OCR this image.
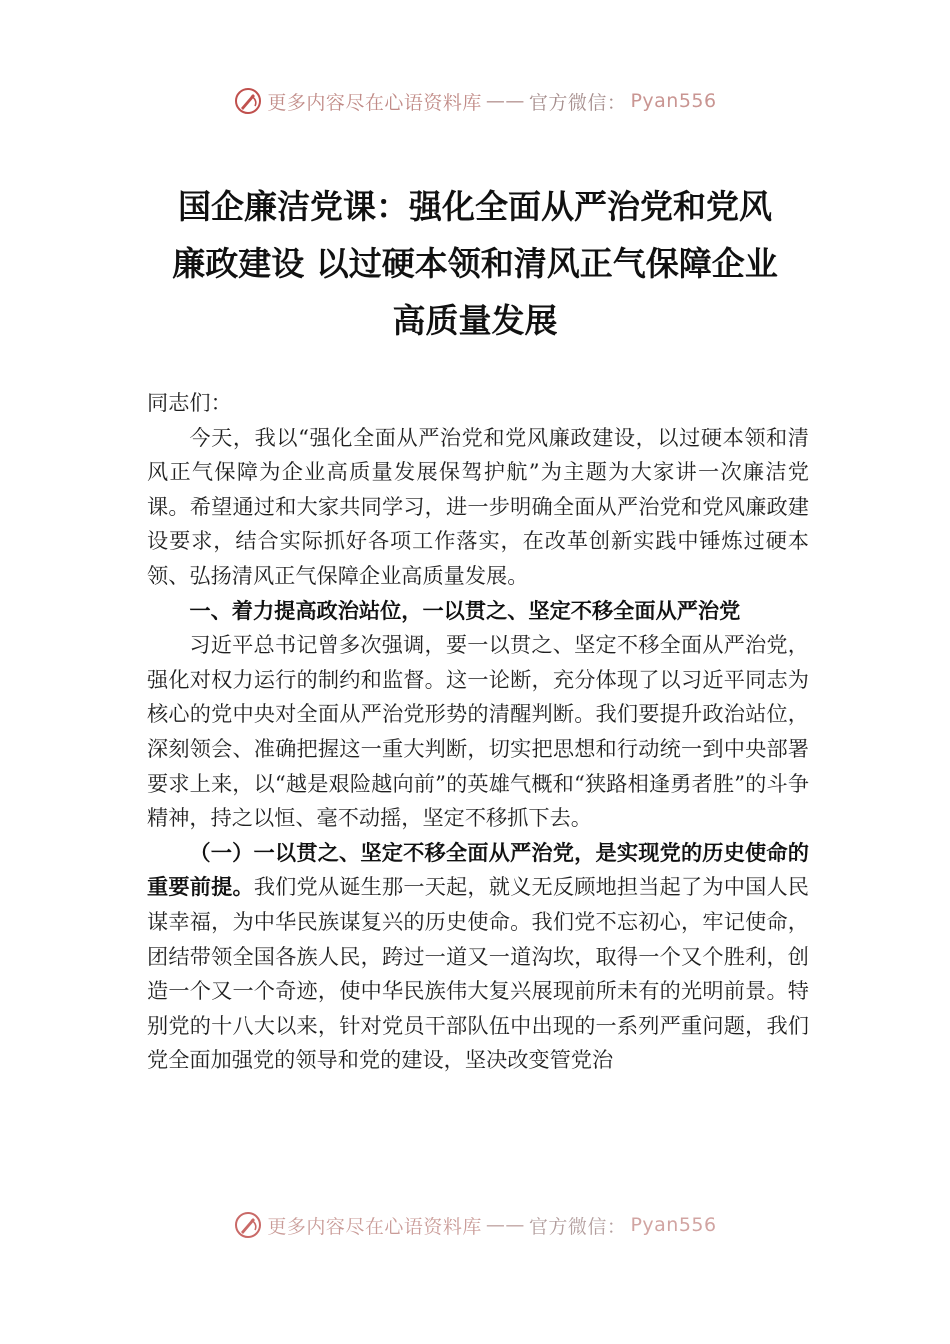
更多内容尽在心语资料库 —— 官方微信： Pyan556
国企廉洁党课：强化全面从严治党和党风
廉政建设 以过硬本领和清风正气保障企业
高质量发展

同志们：

今天，我以“强化全面从严治党和党风廉政建设，以过硬本领和清风正气保障为企业高质量发展保驾护航”为主题为大家讲一次廉洁党课。希望通过和大家共同学习，进一步明确全面从严治党和党风廉政建设要求，结合实际抓好各项工作落实，在改革创新实践中锤炼过硬本领、弘扬清风正气保障企业高质量发展。

一、着力提高政治站位，一以贯之、坚定不移全面从严治党

习近平总书记曾多次强调，要一以贯之、坚定不移全面从严治党，强化对权力运行的制约和监督。这一论断，充分体现了以习近平同志为核心的党中央对全面从严治党形势的清醒判断。我们要提升政治站位，深刻领会、准确把握这一重大判断，切实把思想和行动统一到中央部署要求上来，以“越是艰险越向前”的英雄气概和“狭路相逢勇者胜”的斗争精神，持之以恒、毫不动摇，坚定不移抓下去。

（一）一以贯之、坚定不移全面从严治党，是实现党的历史使命的重要前提。我们党从诞生那一天起，就义无反顾地担当起了为中国人民谋幸福，为中华民族谋复兴的历史使命。我们党不忘初心，牢记使命，团结带领全国各族人民，跨过一道又一道沟坎，取得一个又个胜利，创造一个又一个奇迹，使中华民族伟大复兴展现前所未有的光明前景。特别党的十八大以来，针对党员干部队伍中出现的一系列严重问题，我们党全面加强党的领导和党的建设，坚决改变管党治

更多内容尽在心语资料库 —— 官方微信： Pyan556
